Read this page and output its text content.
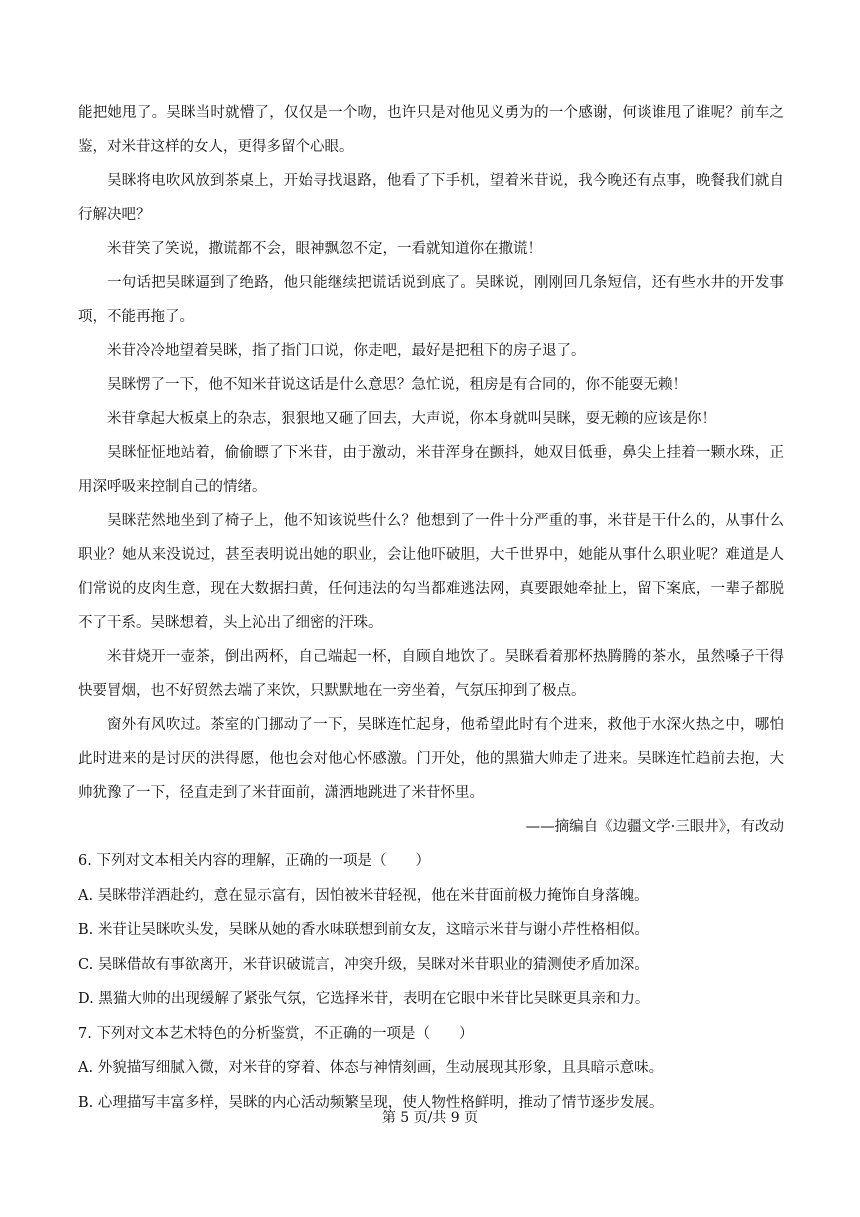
能把她甩了。吴眯当时就懵了，仅仅是一个吻，也许只是对他见义勇为的一个感谢，何谈谁甩了谁呢？前车之鉴，对米苷这样的女人，更得多留个心眼。

吴眯将电吹风放到茶桌上，开始寻找退路，他看了下手机，望着米苷说，我今晚还有点事，晚餐我们就自行解决吧？

米苷笑了笑说，撒谎都不会，眼神飘忽不定，一看就知道你在撒谎！

一句话把吴眯逼到了绝路，他只能继续把谎话说到底了。吴眯说，刚刚回几条短信，还有些水井的开发事项，不能再拖了。

米苷冷冷地望着吴眯，指了指门口说，你走吧，最好是把租下的房子退了。

吴眯愣了一下，他不知米苷说这话是什么意思？急忙说，租房是有合同的，你不能耍无赖！

米苷拿起大板桌上的杂志，狠狠地又砸了回去，大声说，你本身就叫吴眯，耍无赖的应该是你！

吴眯怔怔地站着，偷偷瞟了下米苷，由于激动，米苷浑身在颤抖，她双目低垂，鼻尖上挂着一颗水珠，正用深呼吸来控制自己的情绪。

吴眯茫然地坐到了椅子上，他不知该说些什么？他想到了一件十分严重的事，米苷是干什么的，从事什么职业？她从来没说过，甚至表明说出她的职业，会让他吓破胆，大千世界中，她能从事什么职业呢？难道是人们常说的皮肉生意，现在大数据扫黄，任何违法的勾当都难逃法网，真要跟她牵扯上，留下案底，一辈子都脱不了干系。吴眯想着，头上沁出了细密的汗珠。

米苷烧开一壶茶，倒出两杯，自己端起一杯，自顾自地饮了。吴眯看着那杯热腾腾的茶水，虽然嗓子干得快要冒烟，也不好贸然去端了来饮，只默默地在一旁坐着，气氛压抑到了极点。

窗外有风吹过。茶室的门挪动了一下，吴眯连忙起身，他希望此时有个进来，救他于水深火热之中，哪怕此时进来的是讨厌的洪得愿，他也会对他心怀感激。门开处，他的黑猫大帅走了进来。吴眯连忙趋前去抱，大帅犹豫了一下，径直走到了米苷面前，潇洒地跳进了米苷怀里。

——摘编自《边疆文学·三眼井》，有改动

6. 下列对文本相关内容的理解，正确的一项是（　　）

A. 吴眯带洋酒赴约，意在显示富有，因怕被米苷轻视，他在米苷面前极力掩饰自身落魄。

B. 米苷让吴眯吹头发，吴眯从她的香水味联想到前女友，这暗示米苷与谢小芹性格相似。

C. 吴眯借故有事欲离开，米苷识破谎言，冲突升级，吴眯对米苷职业的猜测使矛盾加深。

D. 黑猫大帅的出现缓解了紧张气氛，它选择米苷，表明在它眼中米苷比吴眯更具亲和力。

7. 下列对文本艺术特色的分析鉴赏，不正确的一项是（　　）

A. 外貌描写细腻入微，对米苷的穿着、体态与神情刻画，生动展现其形象，且具暗示意味。

B. 心理描写丰富多样，吴眯的内心活动频繁呈现，使人物性格鲜明，推动了情节逐步发展。

第 5 页/共 9 页
